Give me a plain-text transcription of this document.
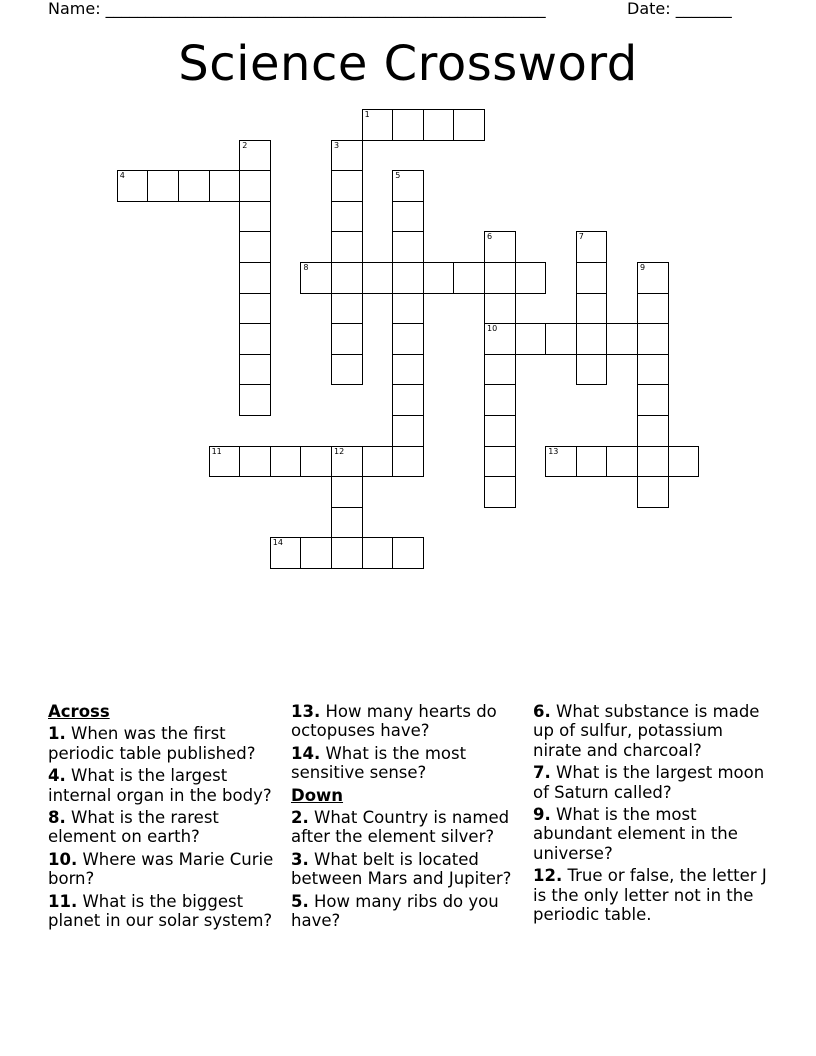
Name: _______________________________________________________	Date: _______
Science Crossword
1
2	3
4	5
6	7
8	9
10
11	12	13
14
Across
1. When was the first periodic table published?
4. What is the largest internal organ in the body?
8. What is the rarest element on earth?
10. Where was Marie Curie born?
11. What is the biggest planet in our solar system?
13. How many hearts do octopuses have?
14. What is the most sensitive sense?
Down
2. What Country is named after the element silver?
3. What belt is located between Mars and Jupiter?
5. How many ribs do you have?
6. What substance is made up of sulfur, potassium nirate and charcoal?
7. What is the largest moon of Saturn called?
9. What is the most abundant element in the universe?
12. True or false, the letter J is the only letter not in the periodic table.
